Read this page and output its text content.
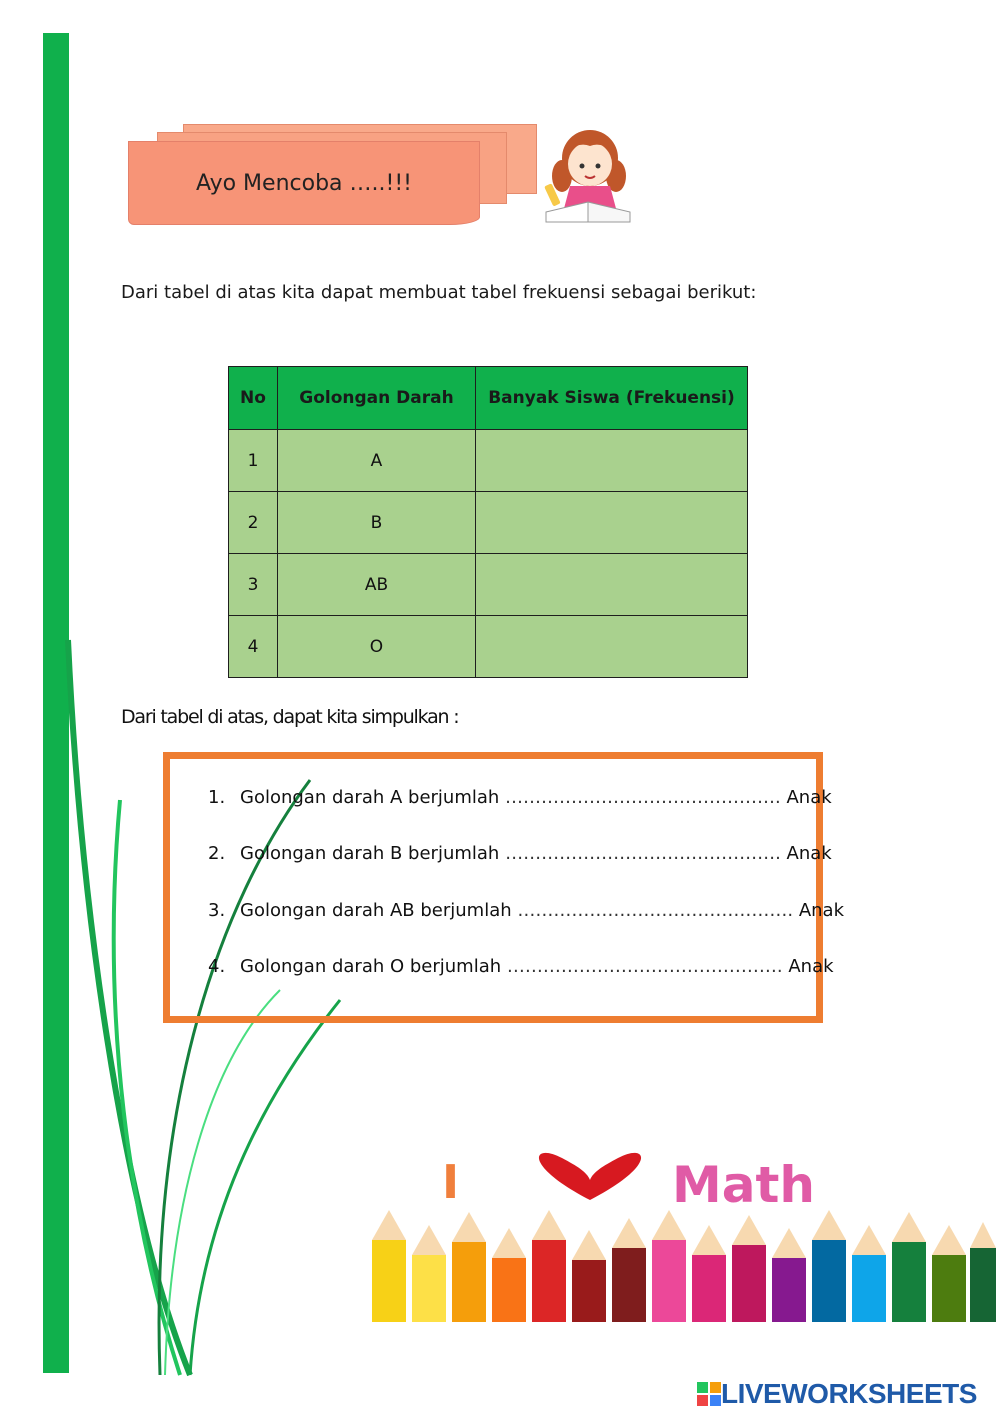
Ayo Mencoba …..!!!
Dari tabel di atas kita dapat membuat tabel frekuensi sebagai berikut:
No	Golongan Darah	Banyak Siswa (Frekuensi)
1	A	
2	B	
3	AB	
4	O	
Dari tabel di atas, dapat kita simpulkan :
1. Golongan darah A berjumlah ………………………………………. Anak
2. Golongan darah B berjumlah ………………………………………. Anak
3. Golongan darah AB berjumlah ………………………………………. Anak
4. Golongan darah O berjumlah ………………………………………. Anak
I	Math
LIVEWORKSHEETS
